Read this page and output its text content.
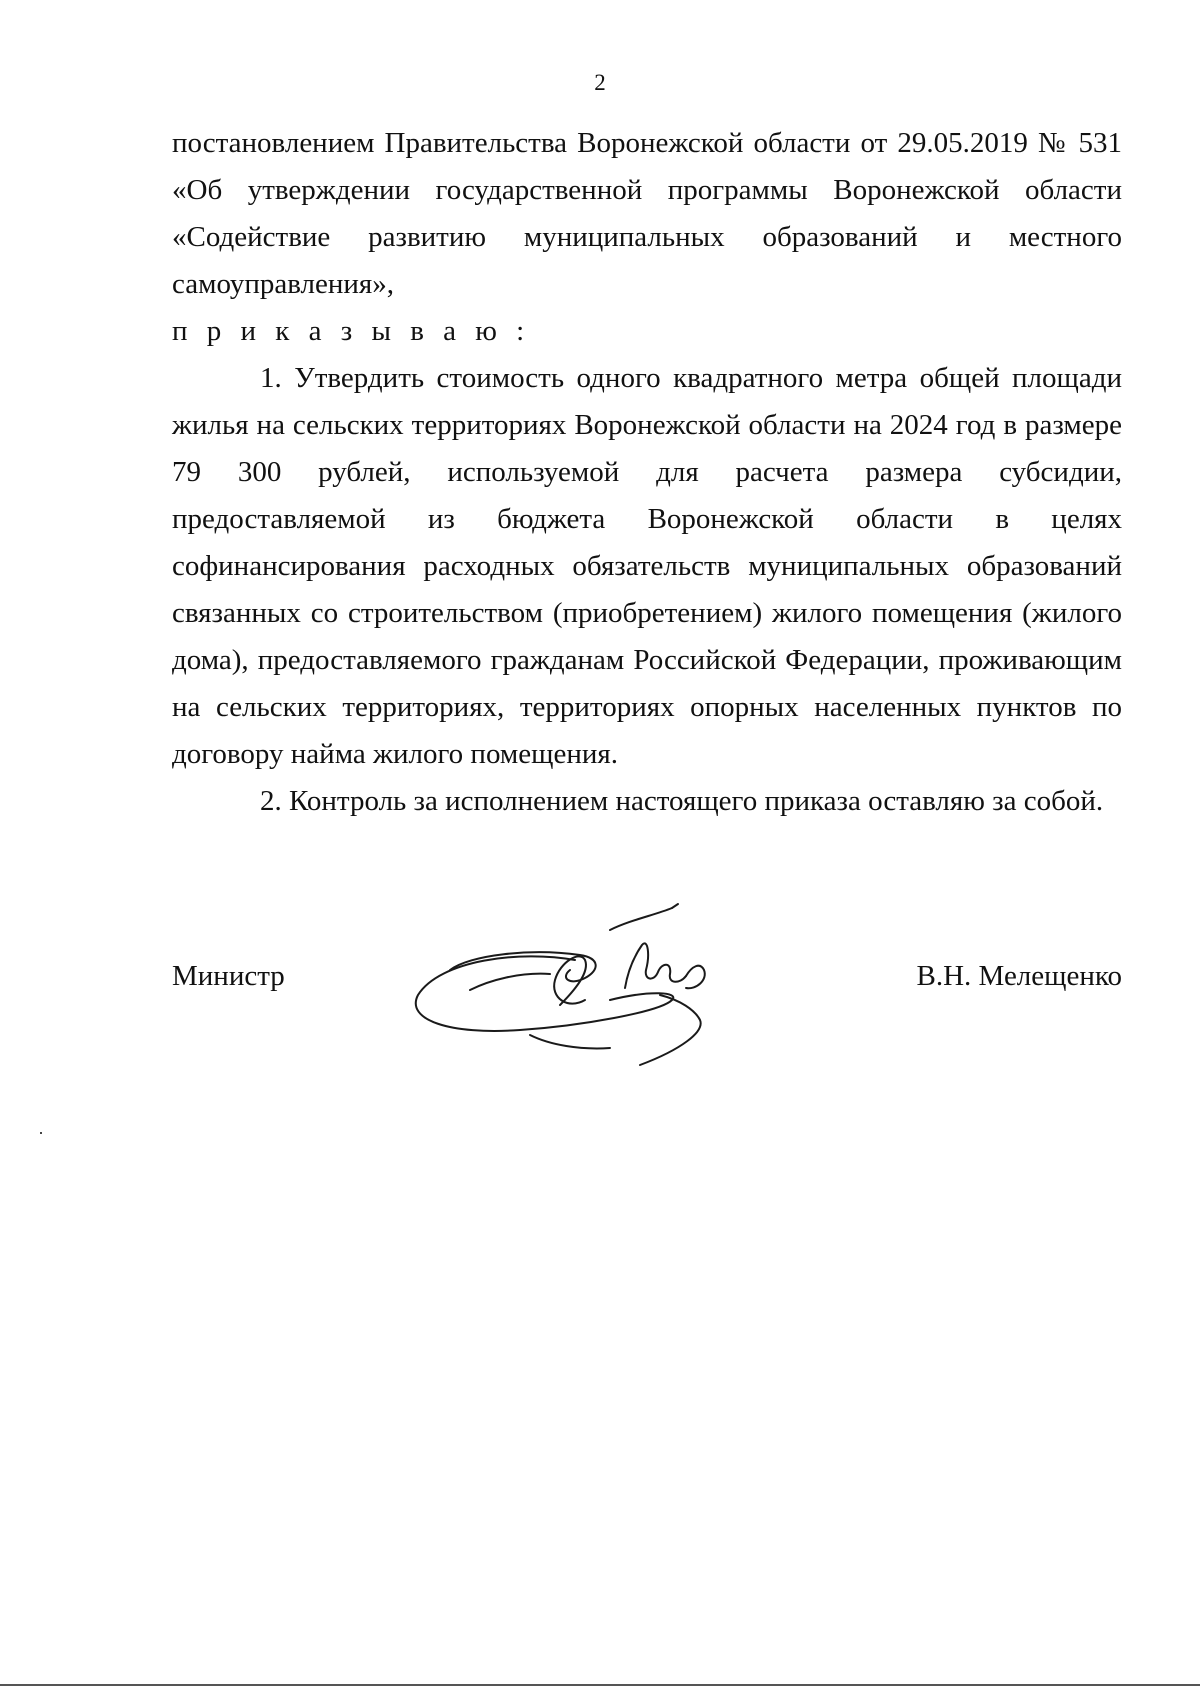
2

постановлением Правительства Воронежской области от 29.05.2019 № 531 «Об утверждении государственной программы Воронежской области «Содействие развитию муниципальных образований и местного самоуправления»,

п р и к а з ы в а ю :

1. Утвердить стоимость одного квадратного метра общей площади жилья на сельских территориях Воронежской области на 2024 год в размере 79 300 рублей, используемой для расчета размера субсидии, предоставляемой из бюджета Воронежской области в целях софинансирования расходных обязательств муниципальных образований связанных со строительством (приобретением) жилого помещения (жилого дома), предоставляемого гражданам Российской Федерации, проживающим на сельских территориях, территориях опорных населенных пунктов по договору найма жилого помещения.

2. Контроль за исполнением настоящего приказа оставляю за собой.

Министр	В.Н. Мелещенко
